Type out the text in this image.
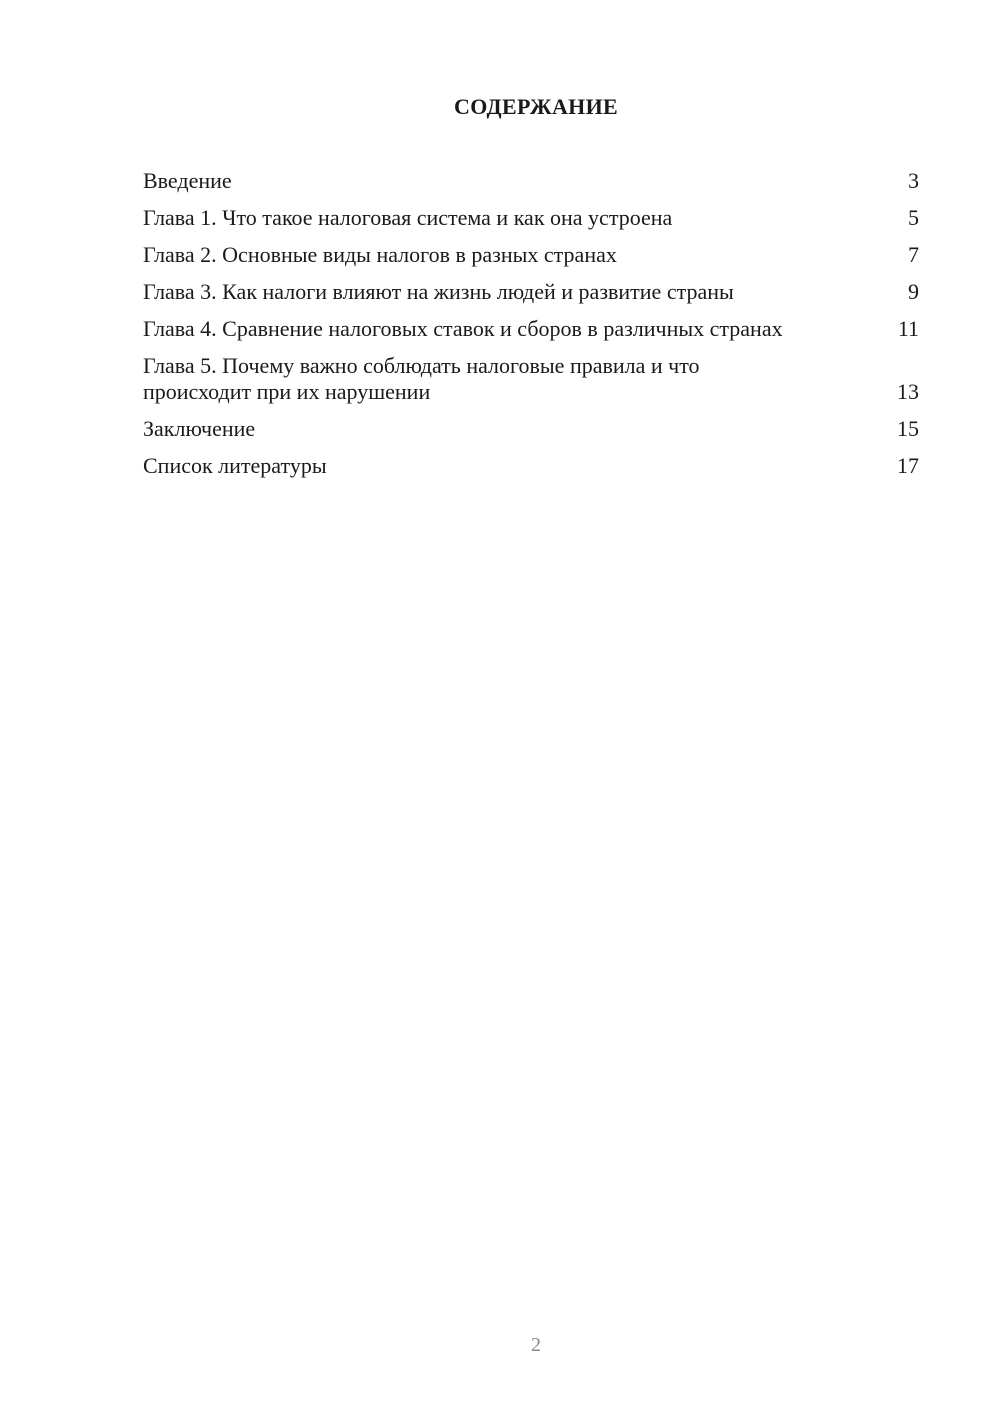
СОДЕРЖАНИЕ
Введение	3
Глава 1. Что такое налоговая система и как она устроена	5
Глава 2. Основные виды налогов в разных странах	7
Глава 3. Как налоги влияют на жизнь людей и развитие страны	9
Глава 4. Сравнение налоговых ставок и сборов в различных странах	11
Глава 5. Почему важно соблюдать налоговые правила и что происходит при их нарушении	13
Заключение	15
Список литературы	17
2
